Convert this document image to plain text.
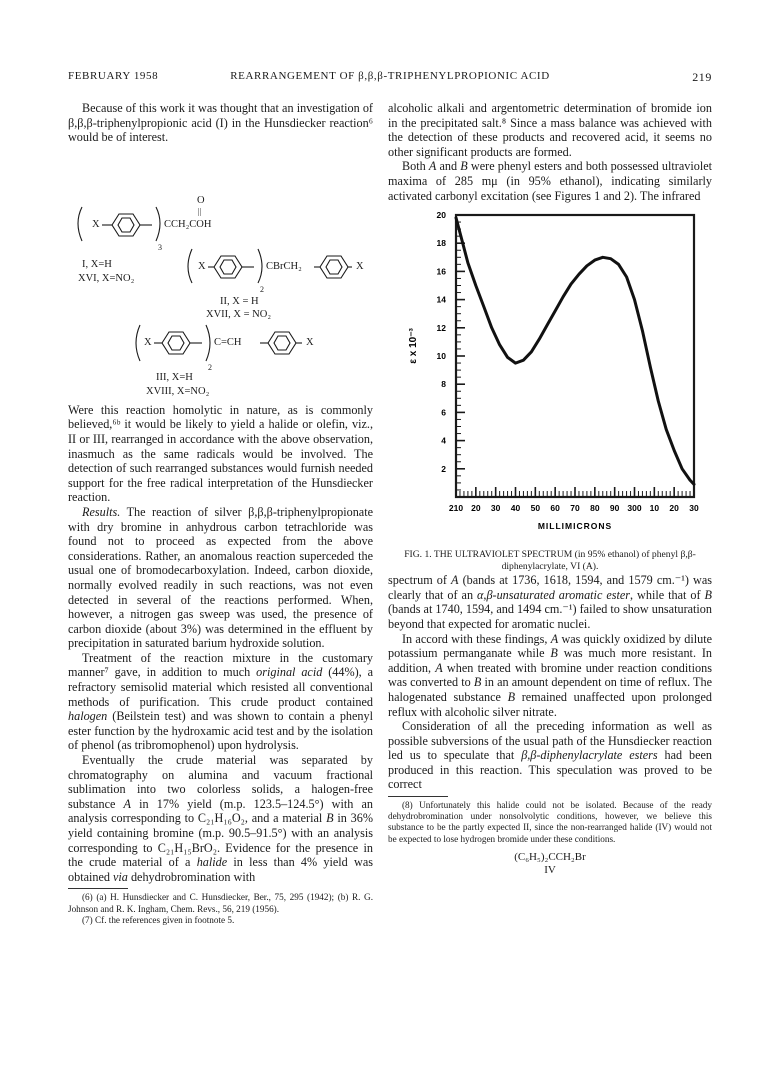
FEBRUARY 1958	REARRANGEMENT OF β,β,β-TRIPHENYLPROPIONIC ACID	219

Because of this work it was thought that an investigation of β,β,β-triphenylpropionic acid (I) in the Hunsdiecker reaction⁶ would be of interest.

X	CCH₂COH
O
||
3
I, X=H
XVI, X=NO₂
X	CBrCH₂	X
2
II, X = H
XVII, X = NO₂
X	C=CH	X
2
III, X=H
XVIII, X=NO₂

Were this reaction homolytic in nature, as is commonly believed,⁶ᵇ it would be likely to yield a halide or olefin, viz., II or III, rearranged in accordance with the above observation, inasmuch as the same radicals would be involved. The detection of such rearranged substances would furnish needed support for the free radical interpretation of the Hunsdiecker reaction.

Results. The reaction of silver β,β,β-triphenylpropionate with dry bromine in anhydrous carbon tetrachloride was found not to proceed as expected from the above considerations. Rather, an anomalous reaction superceded the usual one of bromodecarboxylation. Indeed, carbon dioxide, normally evolved readily in such reactions, was not even detected in several of the reactions performed. When, however, a nitrogen gas sweep was used, the presence of carbon dioxide (about 3%) was determined in the effluent by precipitation in saturated barium hydroxide solution.

Treatment of the reaction mixture in the customary manner⁷ gave, in addition to much original acid (44%), a refractory semisolid material which resisted all conventional methods of purification. This crude product contained halogen (Beilstein test) and was shown to contain a phenyl ester function by the hydroxamic acid test and by the isolation of phenol (as tribromophenol) upon hydrolysis.

Eventually the crude material was separated by chromatography on alumina and vacuum fractional sublimation into two colorless solids, a halogen-free substance A in 17% yield (m.p. 123.5–124.5°) with an analysis corresponding to C₂₁H₁₆O₂, and a material B in 36% yield containing bromine (m.p. 90.5–91.5°) with an analysis corresponding to C₂₁H₁₅BrO₂. Evidence for the presence in the crude material of a halide in less than 4% yield was obtained via dehydrobromination with

(6) (a) H. Hunsdiecker and C. Hunsdiecker, Ber., 75, 295 (1942); (b) R. G. Johnson and R. K. Ingham, Chem. Revs., 56, 219 (1956).

(7) Cf. the references given in footnote 5.

alcoholic alkali and argentometric determination of bromide ion in the precipitated salt.⁸ Since a mass balance was achieved with the detection of these products and recovered acid, it seems no other significant products are formed.

Both A and B were phenyl esters and both possessed ultraviolet maxima of 285 mμ (in 95% ethanol), indicating similarly activated carbonyl excitation (see Figures 1 and 2). The infrared

2
4
6
8
10
12
14
16
18
20
210 20 30 40 50 60 70 80 90 300 10 20 30
MILLIMICRONS
ε x 10⁻³

FIG. 1. THE ULTRAVIOLET SPECTRUM (in 95% ethanol) of phenyl β,β-diphenylacrylate, VI (A).

spectrum of A (bands at 1736, 1618, 1594, and 1579 cm.⁻¹) was clearly that of an α,β-unsaturated aromatic ester, while that of B (bands at 1740, 1594, and 1494 cm.⁻¹) failed to show unsaturation beyond that expected for aromatic nuclei.

In accord with these findings, A was quickly oxidized by dilute potassium permanganate while B was much more resistant. In addition, A when treated with bromine under reaction conditions was converted to B in an amount dependent on time of reflux. The halogenated substance B remained unaffected upon prolonged reflux with alcoholic silver nitrate.

Consideration of all the preceding information as well as possible subversions of the usual path of the Hunsdiecker reaction led us to speculate that β,β-diphenylacrylate esters had been produced in this reaction. This speculation was proved to be correct

(8) Unfortunately this halide could not be isolated. Because of the ready dehydrobromination under nonsolvolytic conditions, however, we believe this substance to be the partly expected II, since the non-rearranged halide (IV) would not be expected to lose hydrogen bromide under these conditions.

(C₆H₅)₂CCH₂Br
IV
